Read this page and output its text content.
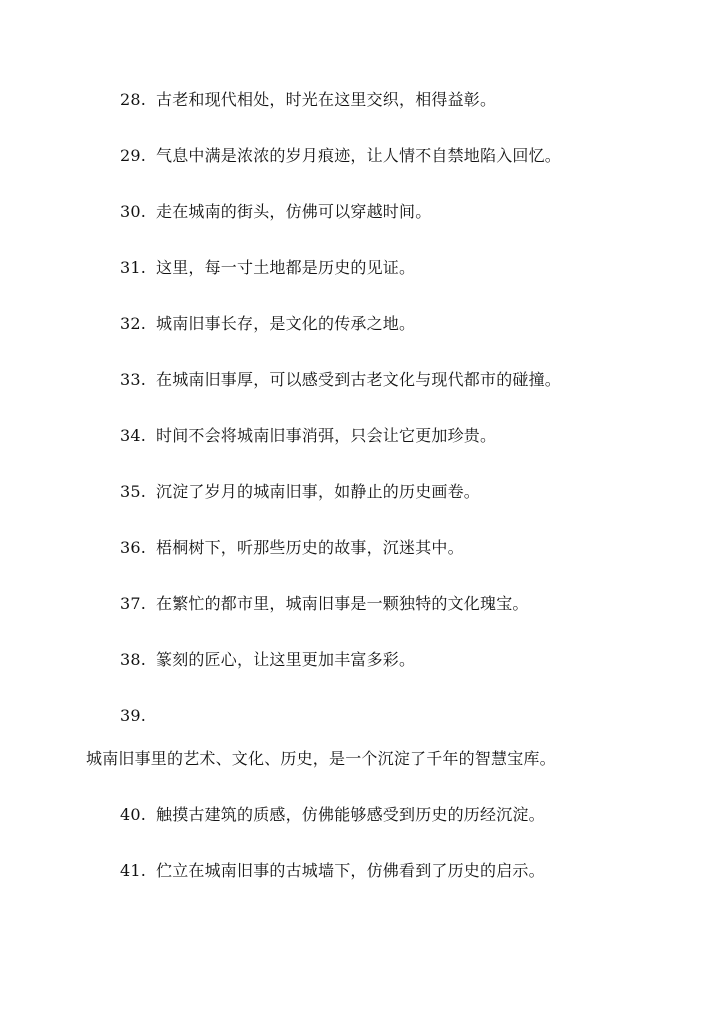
28. 古老和现代相处，时光在这里交织，相得益彰。
29. 气息中满是浓浓的岁月痕迹，让人情不自禁地陷入回忆。
30. 走在城南的街头，仿佛可以穿越时间。
31. 这里，每一寸土地都是历史的见证。
32. 城南旧事长存，是文化的传承之地。
33. 在城南旧事厚，可以感受到古老文化与现代都市的碰撞。
34. 时间不会将城南旧事消弭，只会让它更加珍贵。
35. 沉淀了岁月的城南旧事，如静止的历史画卷。
36. 梧桐树下，听那些历史的故事，沉迷其中。
37. 在繁忙的都市里，城南旧事是一颗独特的文化瑰宝。
38. 篆刻的匠心，让这里更加丰富多彩。
39.
城南旧事里的艺术、文化、历史，是一个沉淀了千年的智慧宝库。
40. 触摸古建筑的质感，仿佛能够感受到历史的历经沉淀。
41. 伫立在城南旧事的古城墙下，仿佛看到了历史的启示。
